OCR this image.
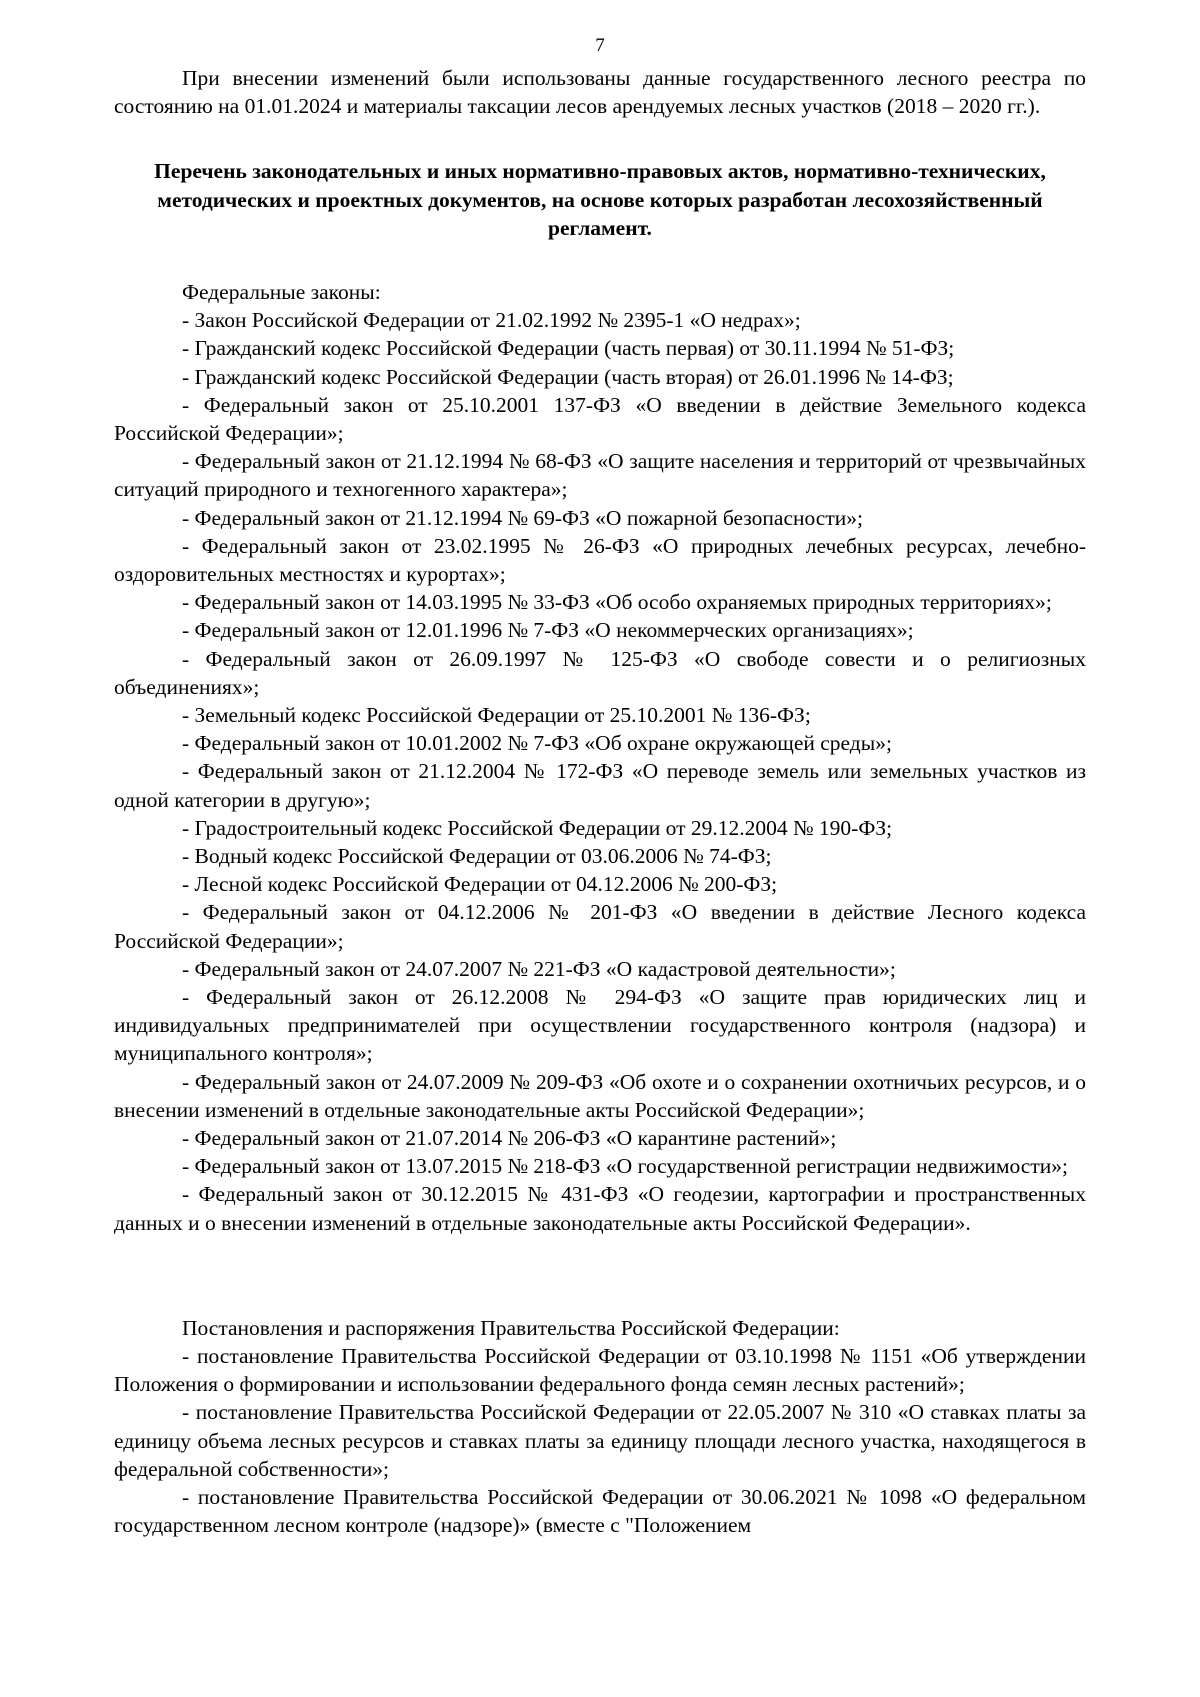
7

При внесении изменений были использованы данные государственного лесного реестра по состоянию на 01.01.2024 и материалы таксации лесов арендуемых лесных участков (2018 – 2020 гг.).

Перечень законодательных и иных нормативно-правовых актов, нормативно-технических, методических и проектных документов, на основе которых разработан лесохозяйственный регламент.

Федеральные законы:

- Закон Российской Федерации от 21.02.1992 № 2395-1 «О недрах»;

- Гражданский кодекс Российской Федерации (часть первая) от 30.11.1994 № 51-ФЗ;

- Гражданский кодекс Российской Федерации (часть вторая) от 26.01.1996 № 14-ФЗ;

- Федеральный закон от 25.10.2001 137-ФЗ «О введении в действие Земельного кодекса Российской Федерации»;

- Федеральный закон от 21.12.1994 № 68-ФЗ «О защите населения и территорий от чрезвычайных ситуаций природного и техногенного характера»;

- Федеральный закон от 21.12.1994 № 69-ФЗ «О пожарной безопасности»;

- Федеральный закон от 23.02.1995 № 26-ФЗ «О природных лечебных ресурсах, лечебно-оздоровительных местностях и курортах»;

- Федеральный закон от 14.03.1995 № 33-ФЗ «Об особо охраняемых природных территориях»;

- Федеральный закон от 12.01.1996 № 7-ФЗ «О некоммерческих организациях»;

- Федеральный закон от 26.09.1997 № 125-ФЗ «О свободе совести и о религиозных объединениях»;

- Земельный кодекс Российской Федерации от 25.10.2001 № 136-ФЗ;

- Федеральный закон от 10.01.2002 № 7-ФЗ «Об охране окружающей среды»;

- Федеральный закон от 21.12.2004 № 172-ФЗ «О переводе земель или земельных участков из одной категории в другую»;

- Градостроительный кодекс Российской Федерации от 29.12.2004 № 190-ФЗ;

- Водный кодекс Российской Федерации от 03.06.2006 № 74-ФЗ;

- Лесной кодекс Российской Федерации от 04.12.2006 № 200-ФЗ;

- Федеральный закон от 04.12.2006 № 201-ФЗ «О введении в действие Лесного кодекса Российской Федерации»;

- Федеральный закон от 24.07.2007 № 221-ФЗ «О кадастровой деятельности»;

- Федеральный закон от 26.12.2008 № 294-ФЗ «О защите прав юридических лиц и индивидуальных предпринимателей при осуществлении государственного контроля (надзора) и муниципального контроля»;

- Федеральный закон от 24.07.2009 № 209-ФЗ «Об охоте и о сохранении охотничьих ресурсов, и о внесении изменений в отдельные законодательные акты Российской Федерации»;

- Федеральный закон от 21.07.2014 № 206-ФЗ «О карантине растений»;

- Федеральный закон от 13.07.2015 № 218-ФЗ «О государственной регистрации недвижимости»;

- Федеральный закон от 30.12.2015 № 431-ФЗ «О геодезии, картографии и пространственных данных и о внесении изменений в отдельные законодательные акты Российской Федерации».

Постановления и распоряжения Правительства Российской Федерации:

- постановление Правительства Российской Федерации от 03.10.1998 № 1151 «Об утверждении Положения о формировании и использовании федерального фонда семян лесных растений»;

- постановление Правительства Российской Федерации от 22.05.2007 № 310 «О ставках платы за единицу объема лесных ресурсов и ставках платы за единицу площади лесного участка, находящегося в федеральной собственности»;

- постановление Правительства Российской Федерации от 30.06.2021 № 1098 «О федеральном государственном лесном контроле (надзоре)» (вместе с "Положением
